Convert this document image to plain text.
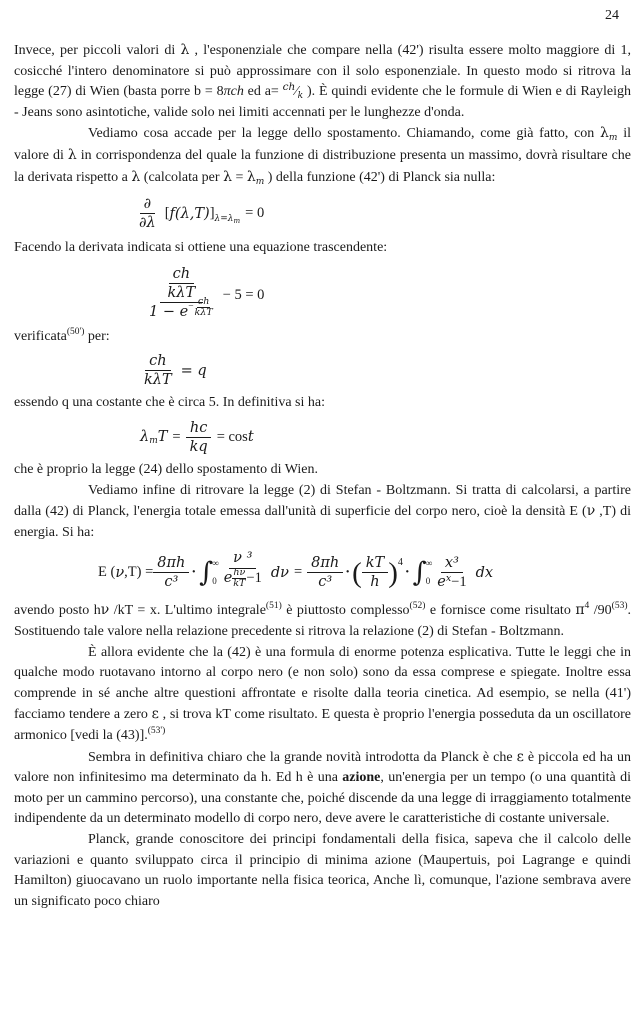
24

Invece, per piccoli valori di λ , l'esponenziale che compare nella (42') risulta essere molto maggiore di 1, cosicché l'intero denominatore si può approssimare con il solo esponenziale. In questo modo si ritrova la legge (27) di Wien (basta porre b = 8πch ed $a= ^{ch}⁄_k$ ). È quindi evidente che le formule di Wien e di Rayleigh - Jeans sono asintotiche, valide solo nei limiti accennati per le lunghezze d'onda.

Vediamo cosa accade per la legge dello spostamento. Chiamando, come già fatto, con $\lambda_m$ il valore di λ in corrispondenza del quale la funzione di distribuzione presenta un massimo, dovrà risultare che la derivata rispetto a λ (calcolata per $\lambda = \lambda_m$ ) della funzione (42') di Planck sia nulla:

$\frac{\partial}{\partial\lambda}$ [ f(λ,T) ] $\lambda=\lambda_m = 0$

Facendo la derivata indicata si ottiene una equazione trascendente:

$\frac{ch}{\text{kλT}}$
1 − e −
ch
kλT − 5 = 0

verificata$^{(50')}$ per:

$\frac{ch}{\text{kλT}} = q$

essendo q una costante che è circa 5. In definitiva si ha:

λ m $T = \frac{hc}{kq} = \cos t$

che è proprio la legge (24) dello spostamento di Wien.

Vediamo infine di ritrovare la legge (2) di Stefan - Boltzmann. Si tratta di calcolarsi, a partire dalla (42) di Planck, l'energia totale emessa dall'unità di superficie del corpo nero, cioè la densità E (ν ,T) di energia. Si ha:

E ( ν $,T) = \frac{8\pi h}{\text{c³}}$ · ∫ ∞
0 ν ³
e hν
kT −1 $d\nu = \frac{8\pi h}{\text{c³}}$ · ( $\frac{kT}{h}$ ) 4
· ∫ ∞
$0 \frac{\text{x³}}{\text{e x −1}}$ dx

avendo posto hν /kT = x. L'ultimo integrale$^{(51)}$ è piuttosto complesso$^{(52)}$ e fornisce come risultato $\pi^4$ /90$^{(53)}$. Sostituendo tale valore nella relazione precedente si ritrova la relazione (2) di Stefan - Boltzmann.

È allora evidente che la (42) è una formula di enorme potenza esplicativa. Tutte le leggi che in qualche modo ruotavano intorno al corpo nero (e non solo) sono da essa comprese e spiegate. Inoltre essa comprende in sé anche altre questioni affrontate e risolte dalla teoria cinetica. Ad esempio, se nella (41') facciamo tendere a zero ε , si trova kT come risultato. E questa è proprio l'energia posseduta da un oscillatore armonico [vedi la (43)].$^{(53')}$

Sembra in definitiva chiaro che la grande novità introdotta da Planck è che ε è piccola ed ha un valore non infinitesimo ma determinato da h. Ed h è una azione, un'energia per un tempo (o una quantità di moto per un cammino percorso), una constante che, poiché discende da una legge di irraggiamento totalmente indipendente da un determinato modello di corpo nero, deve avere le caratteristiche di costante universale.

Planck, grande conoscitore dei principi fondamentali della fisica, sapeva che il calcolo delle variazioni e quanto sviluppato circa il principio di minima azione (Maupertuis, poi Lagrange e quindi Hamilton) giuocavano un ruolo importante nella fisica teorica, Anche lì, comunque, l'azione sembrava avere un significato poco chiaro
